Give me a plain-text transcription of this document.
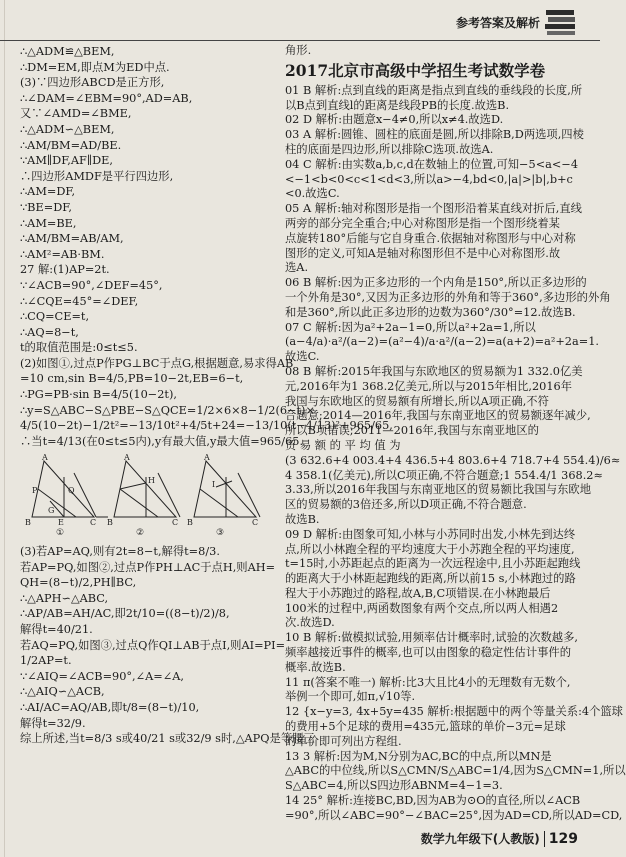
参考答案及解析
∴△ADM≌△BEM,
∴DM=EM,即点M为ED中点.
(3)∵四边形ABCD是正方形,
∴∠DAM=∠EBM=90°,AD=AB,
又∵∠AMD=∠BME,
∴△ADM∽△BEM,
∴AM/BM=AD/BE.
∵AM∥DF,AF∥DE,
∴四边形AMDF是平行四边形,
∴AM=DF,
∵BE=DF,
∴AM=BE,
∴AM/BM=AB/AM,
∴AM²=AB·BM.
27 解:(1)AP=2t.
∵∠ACB=90°,∠DEF=45°,
∴∠CQE=45°=∠DEF,
∴CQ=CE=t,
∴AQ=8−t,
t的取值范围是:0≤t≤5.
(2)如图①,过点P作PG⊥BC于点G,根据题意,易求得AB
=10 cm,sin B=4/5,PB=10−2t,EB=6−t,
∴PG=PB·sin B=4/5(10−2t),
∴y=S△ABC−S△PBE−S△QCE=1/2×6×8−1/2(6−t)×
4/5(10−2t)−1/2t²=−13/10t²+4/5t+24=−13/10(t−4/13)²+965/65,
∴当t=4/13(在0≤t≤5内),y有最大值,y最大值=965/65.
A
B	C
P	Q
G
E
A
B	C
H
A
B	C
I
①	②	③
(3)若AP=AQ,则有2t=8−t,解得t=8/3.
若AP=PQ,如图②,过点P作PH⊥AC于点H,则AH=
QH=(8−t)/2,PH∥BC,
∴△APH∽△ABC,
∴AP/AB=AH/AC,即2t/10=((8−t)/2)/8,
解得t=40/21.
若AQ=PQ,如图③,过点Q作QI⊥AB于点I,则AI=PI=
1/2AP=t.
∵∠AIQ=∠ACB=90°,∠A=∠A,
∴△AIQ∽△ACB,
∴AI/AC=AQ/AB,即t/8=(8−t)/10,
解得t=32/9.
综上所述,当t=8/3 s或40/21 s或32/9 s时,△APQ是等腰三
角形.
2017北京市高级中学招生考试数学卷
01 B 解析:点到直线的距离是指点到直线的垂线段的长度,所
以B点到直线l的距离是线段PB的长度.故选B.
02 D 解析:由题意x−4≠0,所以x≠4.故选D.
03 A 解析:圆锥、圆柱的底面是圆,所以排除B,D两选项,四棱
柱的底面是四边形,所以排除C选项.故选A.
04 C 解析:由实数a,b,c,d在数轴上的位置,可知−5<a<−4
<−1<b<0<c<1<d<3,所以a>−4,bd<0,|a|>|b|,b+c
<0.故选C.
05 A 解析:轴对称图形是指一个图形沿着某直线对折后,直线
两旁的部分完全重合;中心对称图形是指一个图形绕着某
点旋转180°后能与它自身重合.依据轴对称图形与中心对称
图形的定义,可知A是轴对称图形但不是中心对称图形.故
选A.
06 B 解析:因为正多边形的一个内角是150°,所以正多边形的
一个外角是30°,又因为正多边形的外角和等于360°,多边形的外角
和是360°,所以此正多边形的边数为360°/30°=12.故选B.
07 C 解析:因为a²+2a−1=0,所以a²+2a=1,所以
(a−4/a)·a²/(a−2)=(a²−4)/a·a²/(a−2)=a(a+2)=a²+2a=1.
故选C.
08 B 解析:2015年我国与东欧地区的贸易额为1 332.0亿美
元,2016年为1 368.2亿美元,所以与2015年相比,2016年
我国与东欧地区的贸易额有所增长,所以A项正确,不符
合题意;2014—2016年,我国与东南亚地区的贸易额逐年减少,
所以B项错误;2011—2016年,我国与东南亚地区的
贸 易 额 的 平 均 值 为
(3 632.6+4 003.4+4 436.5+4 803.6+4 718.7+4 554.4)/6≈
4 358.1(亿美元),所以C项正确,不符合题意;1 554.4/1 368.2≈
3.33,所以2016年我国与东南亚地区的贸易额比我国与东欧地
区的贸易额的3倍还多,所以D项正确,不符合题意.
故选B.
09 D 解析:由图象可知,小林与小苏同时出发,小林先到达终
点,所以小林跑全程的平均速度大于小苏跑全程的平均速度,
t=15时,小苏距起点的距离为一次远程途中,且小苏距起跑线
的距离大于小林距起跑线的距离,所以前15 s,小林跑过的路
程大于小苏跑过的路程,故A,B,C项错误.在小林跑最后
100米的过程中,两函数图象有两个交点,所以两人相遇2
次.故选D.
10 B 解析:做模拟试验,用频率估计概率时,试验的次数越多,
频率越接近事件的概率,也可以由图象的稳定性估计事件的
概率.故选B.
11 π(答案不唯一) 解析:比3大且比4小的无理数有无数个,
举例一个即可,如π,√10等.
12 {x−y=3, 4x+5y=435 解析:根据题中的两个等量关系:4个篮球
的费用+5个足球的费用=435元,篮球的单价−3元=足球
的单价即可列出方程组.
13 3 解析:因为M,N分别为AC,BC的中点,所以MN是
△ABC的中位线,所以S△CMN/S△ABC=1/4,因为S△CMN=1,所以
S△ABC=4,所以S四边形ABNM=4−1=3.
14 25° 解析:连接BC,BD,因为AB为⊙O的直径,所以∠ACB
=90°,所以∠ABC=90°−∠BAC=25°,因为AD=CD,所以AD=CD,
数学九年级下(人教版) 129
